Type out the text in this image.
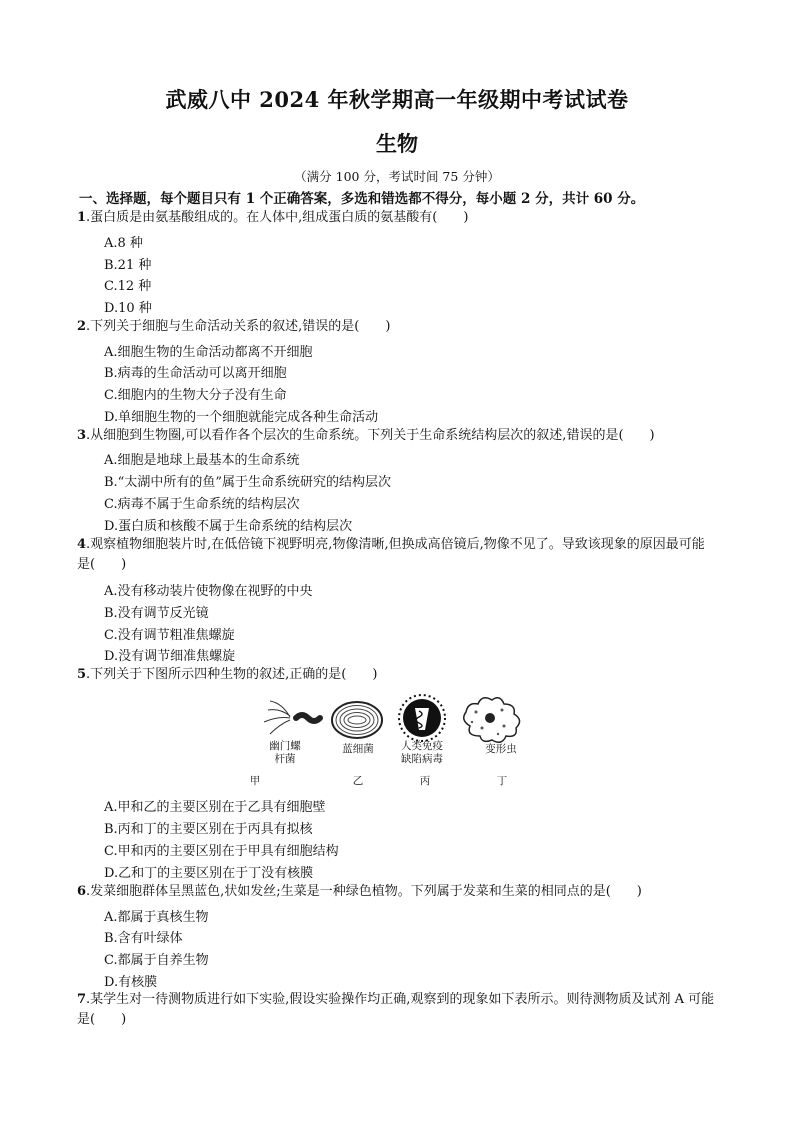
武威八中 2024 年秋学期高一年级期中考试试卷
生物
（满分 100 分，考试时间 75 分钟）
一、选择题，每个题目只有 1 个正确答案，多选和错选都不得分，每小题 2 分，共计 60 分。
1.蛋白质是由氨基酸组成的。在人体中,组成蛋白质的氨基酸有(　　)
A.8 种
B.21 种
C.12 种
D.10 种
2.下列关于细胞与生命活动关系的叙述,错误的是(　　)
A.细胞生物的生命活动都离不开细胞
B.病毒的生命活动可以离开细胞
C.细胞内的生物大分子没有生命
D.单细胞生物的一个细胞就能完成各种生命活动
3.从细胞到生物圈,可以看作各个层次的生命系统。下列关于生命系统结构层次的叙述,错误的是(　　)
A.细胞是地球上最基本的生命系统
B.“太湖中所有的鱼”属于生命系统研究的结构层次
C.病毒不属于生命系统的结构层次
D.蛋白质和核酸不属于生命系统的结构层次
4.观察植物细胞装片时,在低倍镜下视野明亮,物像清晰,但换成高倍镜后,物像不见了。导致该现象的原因最可能是(　　)
A.没有移动装片使物像在视野的中央
B.没有调节反光镜
C.没有调节粗准焦螺旋
D.没有调节细准焦螺旋
5.下列关于下图所示四种生物的叙述,正确的是(　　)
幽门螺
杆菌
蓝细菌	人类免疫
缺陷病毒
变形虫
甲	乙	丙	丁
A.甲和乙的主要区别在于乙具有细胞壁
B.丙和丁的主要区别在于丙具有拟核
C.甲和丙的主要区别在于甲具有细胞结构
D.乙和丁的主要区别在于丁没有核膜
6.发菜细胞群体呈黑蓝色,状如发丝;生菜是一种绿色植物。下列属于发菜和生菜的相同点的是(　　)
A.都属于真核生物
B.含有叶绿体
C.都属于自养生物
D.有核膜
7.某学生对一待测物质进行如下实验,假设实验操作均正确,观察到的现象如下表所示。则待测物质及试剂 A 可能是(　　)
